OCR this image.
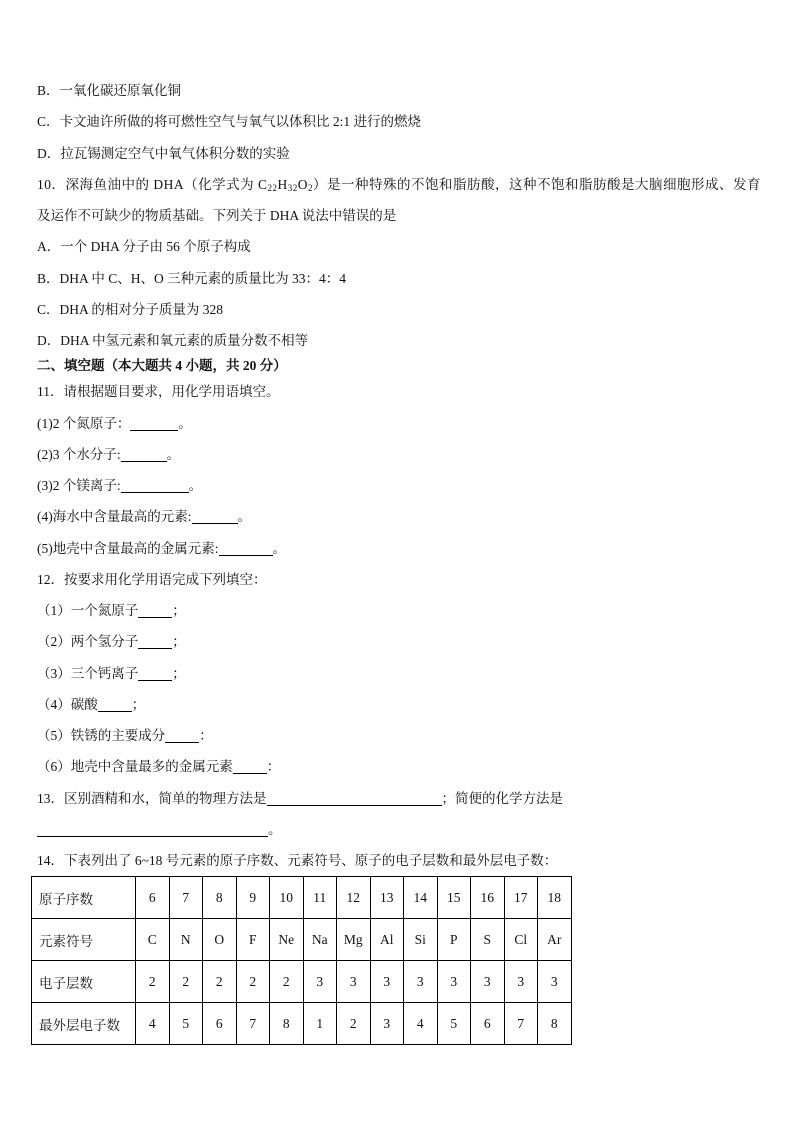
B．一氧化碳还原氧化铜
C．卡文迪许所做的将可燃性空气与氧气以体积比 2:1 进行的燃烧
D．拉瓦锡测定空气中氧气体积分数的实验
10．深海鱼油中的 DHA（化学式为 $C_{22}H_{32}O_2$）是一种特殊的不饱和脂肪酸，这种不饱和脂肪酸是大脑细胞形成、发育
及运作不可缺少的物质基础。下列关于 DHA 说法中错误的是
A．一个 DHA 分子由 56 个原子构成
B．DHA 中 C、H、O 三种元素的质量比为 33：4：4
C．DHA 的相对分子质量为 328
D．DHA 中氢元素和氧元素的质量分数不相等
二、填空题（本大题共 4 小题，共 20 分）
11．请根据题目要求，用化学用语填空。
(1)2 个氮原子：	。
(2)3 个水分子:	。
(3)2 个镁离子:	。
(4)海水中含量最高的元素:	。
(5)地壳中含量最高的金属元素:	。
12．按要求用化学用语完成下列填空：
（1）一个氮原子	；
（2）两个氢分子	；
（3）三个钙离子	；
（4）碳酸	；
（5）铁锈的主要成分	：
（6）地壳中含量最多的金属元素	：
13．区别酒精和水，简单的物理方法是	；简便的化学方法是
。
14．下表列出了 6~18 号元素的原子序数、元素符号、原子的电子层数和最外层电子数：
原子序数	6	7	8	9	10	11	12	13	14	15	16	17	18
元素符号	C	N	O	F	Ne	Na	Mg	Al	Si	P	S	Cl	Ar
电子层数	2	2	2	2	2	3	3	3	3	3	3	3	3
最外层电子数	4	5	6	7	8	1	2	3	4	5	6	7	8
